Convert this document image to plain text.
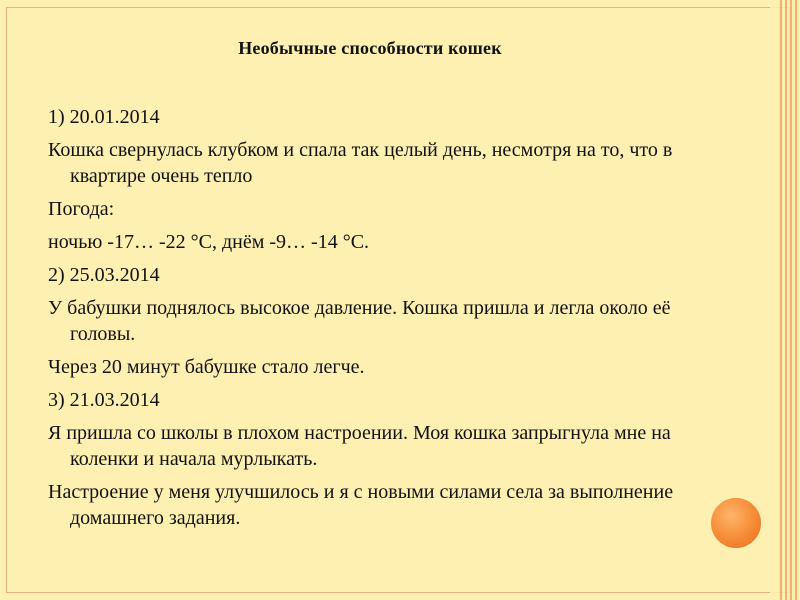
Необычные способности кошек

1) 20.01.2014

Кошка свернулась клубком и спала так целый день, несмотря на то, что в квартире очень тепло

Погода:

ночью -17… -22 °С, днём -9… -14 °С.

2) 25.03.2014

У бабушки поднялось высокое давление. Кошка пришла и легла около её головы.

Через 20 минут бабушке стало легче.

3) 21.03.2014

Я пришла со школы в плохом настроении. Моя кошка запрыгнула мне на коленки и начала мурлыкать.

Настроение у меня улучшилось и я с новыми силами села за выполнение домашнего задания.
